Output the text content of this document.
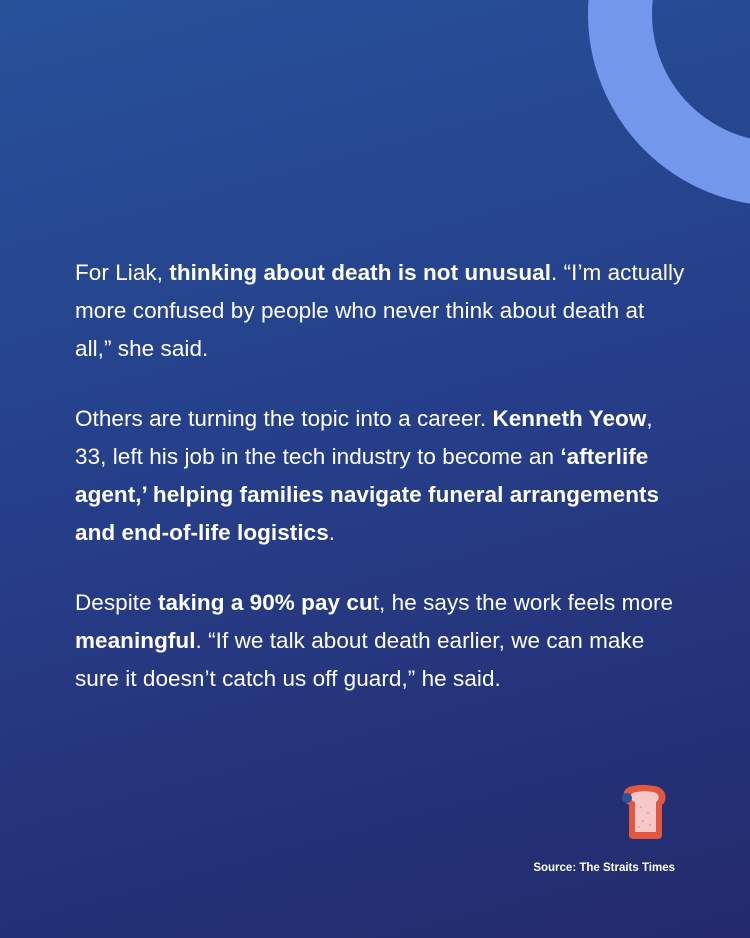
For Liak, thinking about death is not unusual. “I’m actually more confused by people who never think about death at all,” she said.

Others are turning the topic into a career. Kenneth Yeow, 33, left his job in the tech industry to become an ‘afterlife agent,’ helping families navigate funeral arrangements and end-of-life logistics.

Despite taking a 90% pay cut, he says the work feels more meaningful. “If we talk about death earlier, we can make sure it doesn’t catch us off guard,” he said.

Source: The Straits Times
